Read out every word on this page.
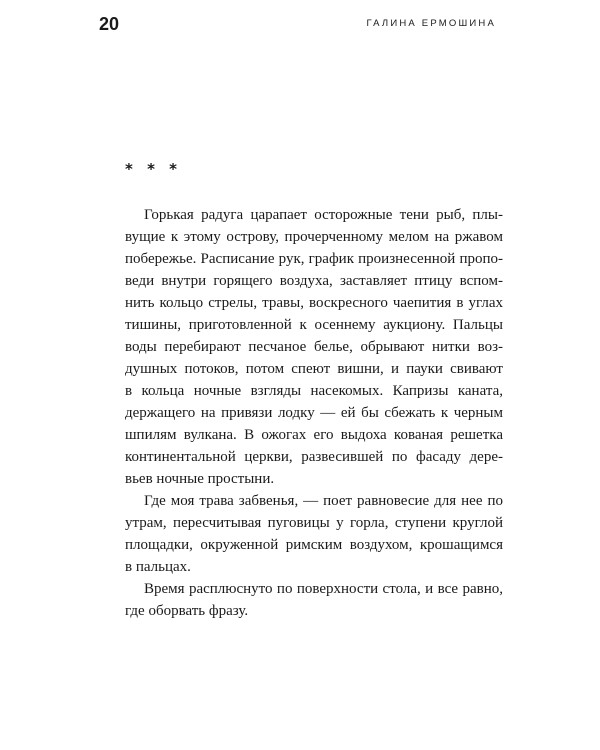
20	ГАЛИНА ЕРМОШИНА
* * *
Горькая радуга царапает осторожные тени рыб, плы-
вущие к этому острову, прочерченному мелом на ржавом
побережье. Расписание рук, график произнесенной пропо-
веди внутри горящего воздуха, заставляет птицу вспом-
нить кольцо стрелы, травы, воскресного чаепития в углах
тишины, приготовленной к осеннему аукциону. Пальцы
воды перебирают песчаное белье, обрывают нитки воз-
душных потоков, потом спеют вишни, и пауки свивают
в кольца ночные взгляды насекомых. Капризы каната,
держащего на привязи лодку — ей бы сбежать к черным
шпилям вулкана. В ожогах его выдоха кованая решетка
континентальной церкви, развесившей по фасаду дере-
вьев ночные простыни.
Где моя трава забвенья, — поет равновесие для нее по
утрам, пересчитывая пуговицы у горла, ступени круглой
площадки, окруженной римским воздухом, крошащимся
в пальцах.
Время расплюснуто по поверхности стола, и все равно,
где оборвать фразу.
